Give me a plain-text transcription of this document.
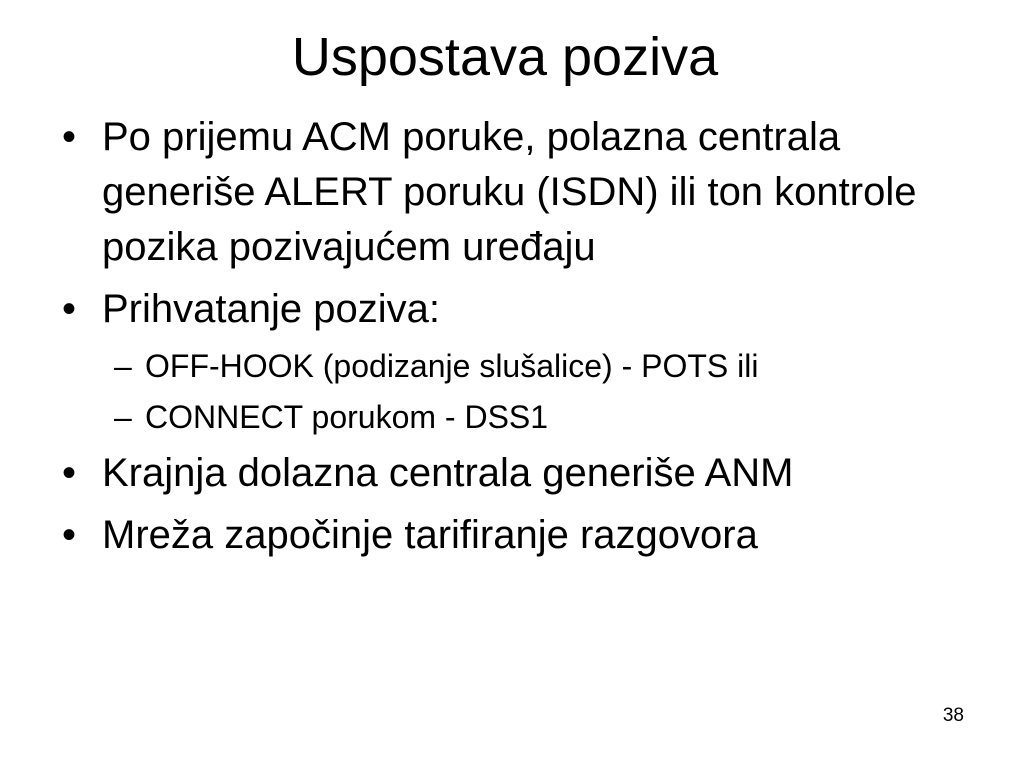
Uspostava poziva
• Po prijemu ACM poruke, polazna centrala generiše ALERT poruku (ISDN) ili ton kontrole pozika pozivajućem uređaju
• Prihvatanje poziva:
– OFF-HOOK (podizanje slušalice) - POTS ili
– CONNECT porukom - DSS1
• Krajnja dolazna centrala generiše ANM
• Mreža započinje tarifiranje razgovora
38
